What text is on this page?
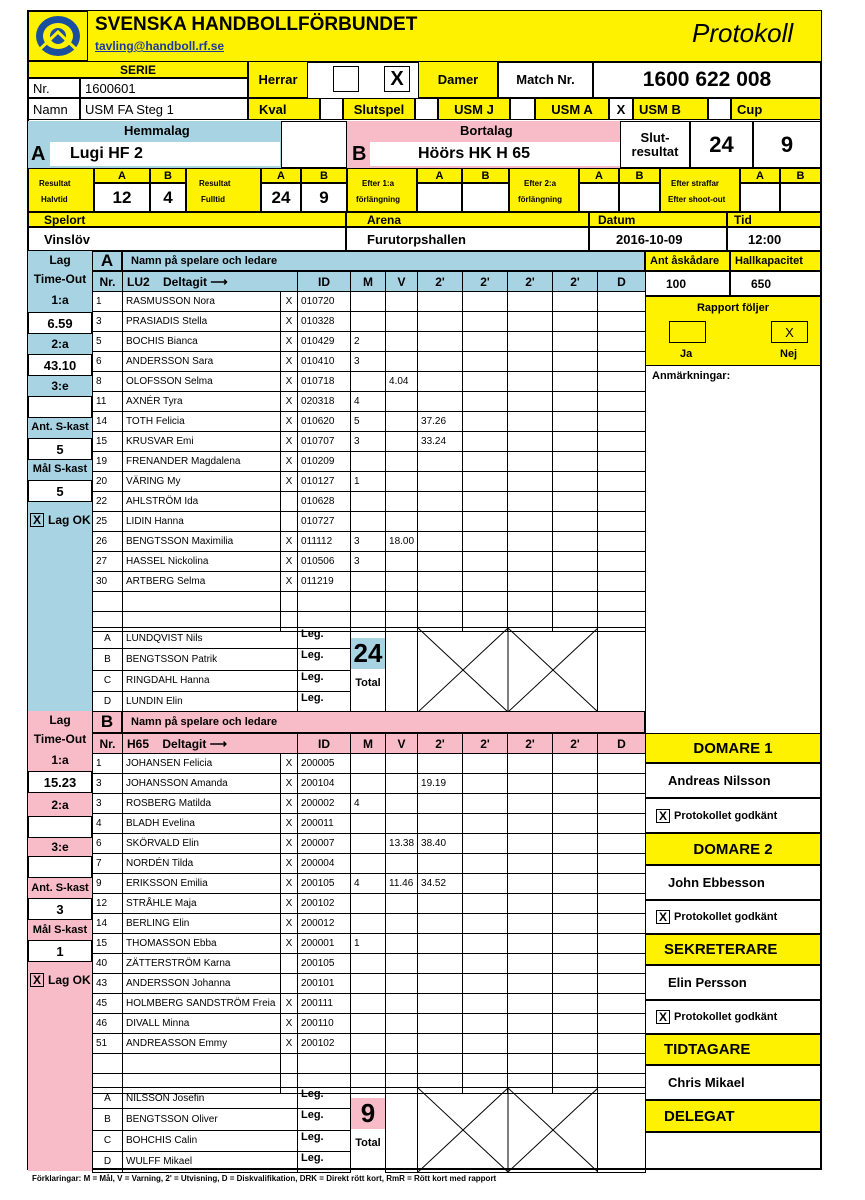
SVENSKA HANDBOLLFÖRBUNDET
tavling@handboll.rf.se	Protokoll
SERIE
Nr.	1600601
Namn	USM FA Steg 1
Herrar	X	Damer	Match Nr.	1600 622 008
Kval	Slutspel	USM J	USM A	X	USM B	Cup
Hemmalag
A	Lugi HF 2
Bortalag
B	Höörs HK H 65
Slut-resultat	24	9
Resultat
Halvtid
A	B
12	4
Resultat
Fulltid
A	B
24	9
Efter 1:a
förlängning
A	B
Efter 2:a
förlängning
A	B
Efter straffar
Efter shoot-out
A	B
Spelort	Arena	Datum	Tid
Vinslöv	Furutorpshallen	2016-10-09	12:00
Lag
Time-Out
1:a
6.59
2:a
43.10
3:e
Ant. S-kast
5
Mål S-kast
5
X Lag OK
A	Namn på spelare och ledare
Nr.	LU2 Deltagit ⟶		ID	M	V	2'	2'	2'	2'	D
1	RASMUSSON Nora	X	010720							
3	PRASIADIS Stella	X	010328							
5	BOCHIS Bianca	X	010429	2						
6	ANDERSSON Sara	X	010410	3						
8	OLOFSSON Selma	X	010718		4.04					
11	AXNÉR Tyra	X	020318	4						
14	TOTH Felicia	X	010620	5		37.26				
15	KRUSVAR Emi	X	010707	3		33.24				
19	FRENANDER Magdalena	X	010209							
20	VÄRING My	X	010127	1						
22	AHLSTRÖM Ida		010628							
25	LIDIN Hanna		010727							
26	BENGTSSON Maximilia	X	011112	3	18.00					
27	HASSEL Nickolina	X	010506	3						
30	ARTBERG Selma	X	011219							

A	LUNDQVIST Nils	Leg.	24
Total

B	BENGTSSON Patrik	Leg.				
C	RINGDAHL Hanna	Leg.				
D	LUNDIN Elin	Leg.				
Lag
Time-Out
1:a
15.23
2:a
3:e
Ant. S-kast
3
Mål S-kast
1
X Lag OK
B	Namn på spelare och ledare
Nr.	H65 Deltagit ⟶		ID	M	V	2'	2'	2'	2'	D
1	JOHANSEN Felicia	X	200005							
3	JOHANSSON Amanda	X	200104			19.19				
3	ROSBERG Matilda	X	200002	4						
4	BLADH Evelina	X	200011							
6	SKÖRVALD Elin	X	200007		13.38	38.40				
7	NORDÉN Tilda	X	200004							
9	ERIKSSON Emilia	X	200105	4	11.46	34.52				
12	STRÅHLE Maja	X	200102							
14	BERLING Elin	X	200012							
15	THOMASSON Ebba	X	200001	1						
40	ZÄTTERSTRÖM Karna		200105							
43	ANDERSSON Johanna		200101							
45	HOLMBERG SANDSTRÖM Freia	X	200111							
46	DIVALL Minna	X	200110							
51	ANDREASSON Emmy	X	200102							

A	NILSSON Josefin	Leg.	9
Total

B	BENGTSSON Oliver	Leg.				
C	BOHCHIS Calin	Leg.				
D	WULFF Mikael	Leg.				
Ant åskådare	Hallkapacitet
100	650
Rapport följer
X
Ja	Nej
Anmärkningar:
DOMARE 1
Andreas Nilsson
X Protokollet godkänt
DOMARE 2
John Ebbesson
X Protokollet godkänt
SEKRETERARE
Elin Persson
X Protokollet godkänt
TIDTAGARE
Chris Mikael
DELEGAT
Förklaringar: M = Mål, V = Varning, 2' = Utvisning, D = Diskvalifikation, DRK = Direkt rött kort, RmR = Rött kort med rapport
